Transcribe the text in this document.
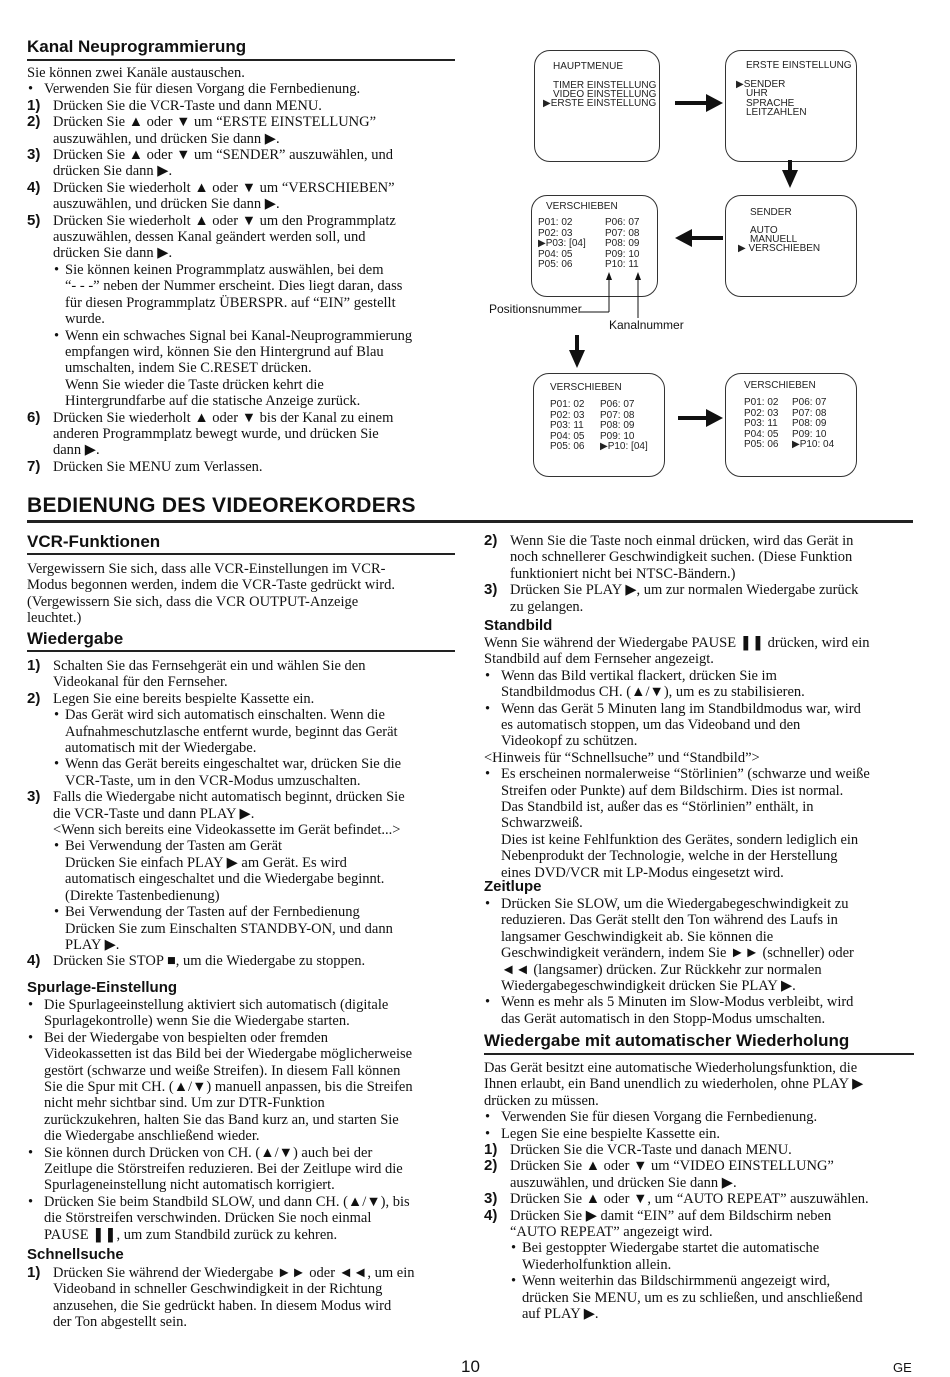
Kanal Neuprogrammierung
Sie können zwei Kanäle austauschen.
• Verwenden Sie für diesen Vorgang die Fernbedienung.
1) Drücken Sie die VCR-Taste und dann MENU.
2) Drücken Sie ▲ oder ▼ um “ERSTE EINSTELLUNG”
auszuwählen, und drücken Sie dann ▶.
3) Drücken Sie ▲ oder ▼ um “SENDER” auszuwählen, und
drücken Sie dann ▶.
4) Drücken Sie wiederholt ▲ oder ▼ um “VERSCHIEBEN”
auszuwählen, und drücken Sie dann ▶.
5) Drücken Sie wiederholt ▲ oder ▼ um den Programmplatz
auszuwählen, dessen Kanal geändert werden soll, und
drücken Sie dann ▶.
• Sie können keinen Programmplatz auswählen, bei dem
“- - -” neben der Nummer erscheint. Dies liegt daran, dass
für diesen Programmplatz ÜBERSPR. auf “EIN” gestellt
wurde.
• Wenn ein schwaches Signal bei Kanal-Neuprogrammierung
empfangen wird, können Sie den Hintergrund auf Blau
umschalten, indem Sie C.RESET drücken.
Wenn Sie wieder die Taste drücken kehrt die
Hintergrundfarbe auf die statische Anzeige zurück.
6) Drücken Sie wiederholt ▲ oder ▼ bis der Kanal zu einem
anderen Programmplatz bewegt wurde, und drücken Sie
dann ▶.
7) Drücken Sie MENU zum Verlassen.
HAUPTMENUE
TIMER EINSTELLUNG
VIDEO EINSTELLUNG
▶ERSTE EINSTELLUNG
ERSTE EINSTELLUNG
▶SENDER
UHR
SPRACHE
LEITZAHLEN
SENDER
AUTO
MANUELL
▶ VERSCHIEBEN
VERSCHIEBEN
P01: 02
P02: 03
▶P03: [04]
P04: 05
P05: 06
P06: 07
P07: 08
P08: 09
P09: 10
P10: 11
VERSCHIEBEN
P01: 02
P02: 03
P03: 11
P04: 05
P05: 06
P06: 07
P07: 08
P08: 09
P09: 10
▶P10: [04]
VERSCHIEBEN
P01: 02
P02: 03
P03: 11
P04: 05
P05: 06
P06: 07
P07: 08
P08: 09
P09: 10
▶P10: 04
Positionsnummer
Kanalnummer
BEDIENUNG DES VIDEOREKORDERS
VCR-Funktionen
Vergewissern Sie sich, dass alle VCR-Einstellungen im VCR-
Modus begonnen werden, indem die VCR-Taste gedrückt wird.
(Vergewissern Sie sich, dass die VCR OUTPUT-Anzeige
leuchtet.)
Wiedergabe
1) Schalten Sie das Fernsehgerät ein und wählen Sie den
Videokanal für den Fernseher.
2) Legen Sie eine bereits bespielte Kassette ein.
• Das Gerät wird sich automatisch einschalten. Wenn die
Aufnahmeschutzlasche entfernt wurde, beginnt das Gerät
automatisch mit der Wiedergabe.
• Wenn das Gerät bereits eingeschaltet war, drücken Sie die
VCR-Taste, um in den VCR-Modus umzuschalten.
3) Falls die Wiedergabe nicht automatisch beginnt, drücken Sie
die VCR-Taste und dann PLAY ▶.
<Wenn sich bereits eine Videokassette im Gerät befindet...>
• Bei Verwendung der Tasten am Gerät
Drücken Sie einfach PLAY ▶ am Gerät. Es wird
automatisch eingeschaltet und die Wiedergabe beginnt.
(Direkte Tastenbedienung)
• Bei Verwendung der Tasten auf der Fernbedienung
Drücken Sie zum Einschalten STANDBY-ON, und dann
PLAY ▶.
4) Drücken Sie STOP ■, um die Wiedergabe zu stoppen.
Spurlage-Einstellung
• Die Spurlageeinstellung aktiviert sich automatisch (digitale
Spurlagekontrolle) wenn Sie die Wiedergabe starten.
• Bei der Wiedergabe von bespielten oder fremden
Videokassetten ist das Bild bei der Wiedergabe möglicherweise
gestört (schwarze und weiße Streifen). In diesem Fall können
Sie die Spur mit CH. (▲/▼) manuell anpassen, bis die Streifen
nicht mehr sichtbar sind. Um zur DTR-Funktion
zurückzukehren, halten Sie das Band kurz an, und starten Sie
die Wiedergabe anschließend wieder.
• Sie können durch Drücken von CH. (▲/▼) auch bei der
Zeitlupe die Störstreifen reduzieren. Bei der Zeitlupe wird die
Spurlageneinstellung nicht automatisch korrigiert.
• Drücken Sie beim Standbild SLOW, und dann CH. (▲/▼), bis
die Störstreifen verschwinden. Drücken Sie noch einmal
PAUSE ❚❚, um zum Standbild zurück zu kehren.
Schnellsuche
1) Drücken Sie während der Wiedergabe ►► oder ◄◄, um ein
Videoband in schneller Geschwindigkeit in der Richtung
anzusehen, die Sie gedrückt haben. In diesem Modus wird
der Ton abgestellt sein.
2) Wenn Sie die Taste noch einmal drücken, wird das Gerät in
noch schnellerer Geschwindigkeit suchen. (Diese Funktion
funktioniert nicht bei NTSC-Bändern.)
3) Drücken Sie PLAY ▶, um zur normalen Wiedergabe zurück
zu gelangen.
Standbild
Wenn Sie während der Wiedergabe PAUSE ❚❚ drücken, wird ein
Standbild auf dem Fernseher angezeigt.
• Wenn das Bild vertikal flackert, drücken Sie im
Standbildmodus CH. (▲/▼), um es zu stabilisieren.
• Wenn das Gerät 5 Minuten lang im Standbildmodus war, wird
es automatisch stoppen, um das Videoband und den
Videokopf zu schützen.
<Hinweis für “Schnellsuche” und “Standbild”>
• Es erscheinen normalerweise “Störlinien” (schwarze und weiße
Streifen oder Punkte) auf dem Bildschirm. Dies ist normal.
Das Standbild ist, außer das es “Störlinien” enthält, in
Schwarzweiß.
Dies ist keine Fehlfunktion des Gerätes, sondern lediglich ein
Nebenprodukt der Technologie, welche in der Herstellung
eines DVD/VCR mit LP-Modus eingesetzt wird.
Zeitlupe
• Drücken Sie SLOW, um die Wiedergabegeschwindigkeit zu
reduzieren. Das Gerät stellt den Ton während des Laufs in
langsamer Geschwindigkeit ab. Sie können die
Geschwindigkeit verändern, indem Sie ►► (schneller) oder
◄◄ (langsamer) drücken. Zur Rückkehr zur normalen
Wiedergabegeschwindigkeit drücken Sie PLAY ▶.
• Wenn es mehr als 5 Minuten im Slow-Modus verbleibt, wird
das Gerät automatisch in den Stopp-Modus umschalten.
Wiedergabe mit automatischer Wiederholung
Das Gerät besitzt eine automatische Wiederholungsfunktion, die
Ihnen erlaubt, ein Band unendlich zu wiederholen, ohne PLAY ▶
drücken zu müssen.
• Verwenden Sie für diesen Vorgang die Fernbedienung.
• Legen Sie eine bespielte Kassette ein.
1) Drücken Sie die VCR-Taste und danach MENU.
2) Drücken Sie ▲ oder ▼ um “VIDEO EINSTELLUNG”
auszuwählen, und drücken Sie dann ▶.
3) Drücken Sie ▲ oder ▼, um “AUTO REPEAT” auszuwählen.
4) Drücken Sie ▶ damit “EIN” auf dem Bildschirm neben
“AUTO REPEAT” angezeigt wird.
• Bei gestoppter Wiedergabe startet die automatische
Wiederholfunktion allein.
• Wenn weiterhin das Bildschirmmenü angezeigt wird,
drücken Sie MENU, um es zu schließen, und anschließend
auf PLAY ▶.
10	GE
